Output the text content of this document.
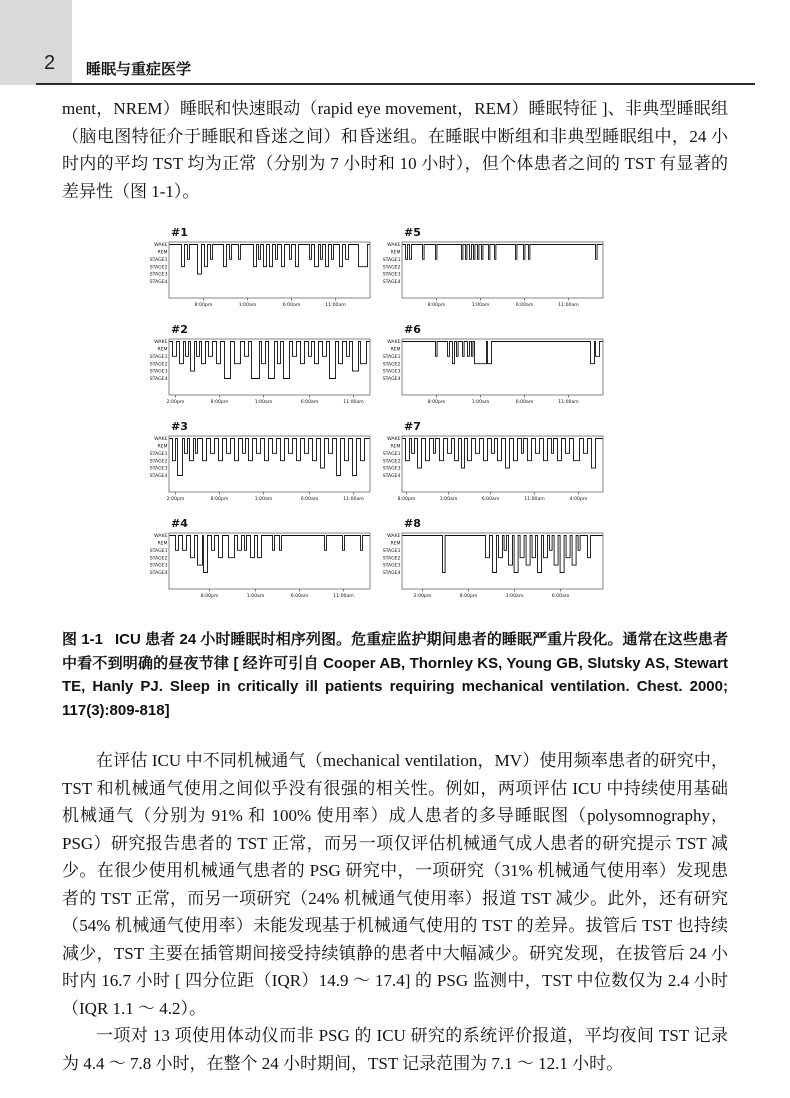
2 睡眠与重症医学

ment，NREM）睡眠和快速眼动（rapid eye movement，REM）睡眠特征 ]、非典型睡眠组（脑电图特征介于睡眠和昏迷之间）和昏迷组。在睡眠中断组和非典型睡眠组中，24 小时内的平均 TST 均为正常（分别为 7 小时和 10 小时），但个体患者之间的 TST 有显著的差异性（图 1-1）。

#1
WAKE
REM
STAGE1
STAGE2
STAGE3
STAGE4
8:00pm	1:00am	6:00am	11:00am
#2
WAKE
REM
STAGE1
STAGE2
STAGE3
STAGE4
2:00pm	8:00pm	1:00am	6:00am	11:00am
#3
WAKE
REM
STAGE1
STAGE2
STAGE3
STAGE4
2:00pm	8:00pm	1:00am	6:00am	11:00am
#4
WAKE
REM
STAGE1
STAGE2
STAGE3
STAGE4
8:00pm	1:00am	6:00am	11:00am
#5
WAKE
REM
STAGE1
STAGE2
STAGE3
STAGE4
8:00pm	1:00am	6:00am	11:00am
#6
WAKE
REM
STAGE1
STAGE2
STAGE3
STAGE4
8:00pm	1:00am	6:00am	11:00am
#7
WAKE
REM
STAGE1
STAGE2
STAGE3
STAGE4
8:00pm	1:00am	6:00am	11:00am	4:00pm
#8
WAKE
REM
STAGE1
STAGE2
STAGE3
STAGE4
2:00pm	8:00pm	1:00am	6:00am

图 1-1 ICU 患者 24 小时睡眠时相序列图。危重症监护期间患者的睡眠严重片段化。通常在这些患者中看不到明确的昼夜节律 [ 经许可引自 Cooper AB, Thornley KS, Young GB, Slutsky AS, Stewart TE, Hanly PJ. Sleep in critically ill patients requiring mechanical ventilation. Chest. 2000; 117(3):809-818]

在评估 ICU 中不同机械通气（mechanical ventilation，MV）使用频率患者的研究中，TST 和机械通气使用之间似乎没有很强的相关性。例如，两项评估 ICU 中持续使用基础机械通气（分别为 91% 和 100% 使用率）成人患者的多导睡眠图（polysomnography，PSG）研究报告患者的 TST 正常，而另一项仅评估机械通气成人患者的研究提示 TST 减少。在很少使用机械通气患者的 PSG 研究中，一项研究（31% 机械通气使用率）发现患者的 TST 正常，而另一项研究（24% 机械通气使用率）报道 TST 减少。此外，还有研究（54% 机械通气使用率）未能发现基于机械通气使用的 TST 的差异。拔管后 TST 也持续减少，TST 主要在插管期间接受持续镇静的患者中大幅减少。研究发现，在拔管后 24 小时内 16.7 小时 [ 四分位距（IQR）14.9 ～ 17.4] 的 PSG 监测中，TST 中位数仅为 2.4 小时（IQR 1.1 ～ 4.2）。

一项对 13 项使用体动仪而非 PSG 的 ICU 研究的系统评价报道，平均夜间 TST 记录为 4.4 ～ 7.8 小时，在整个 24 小时期间，TST 记录范围为 7.1 ～ 12.1 小时。
